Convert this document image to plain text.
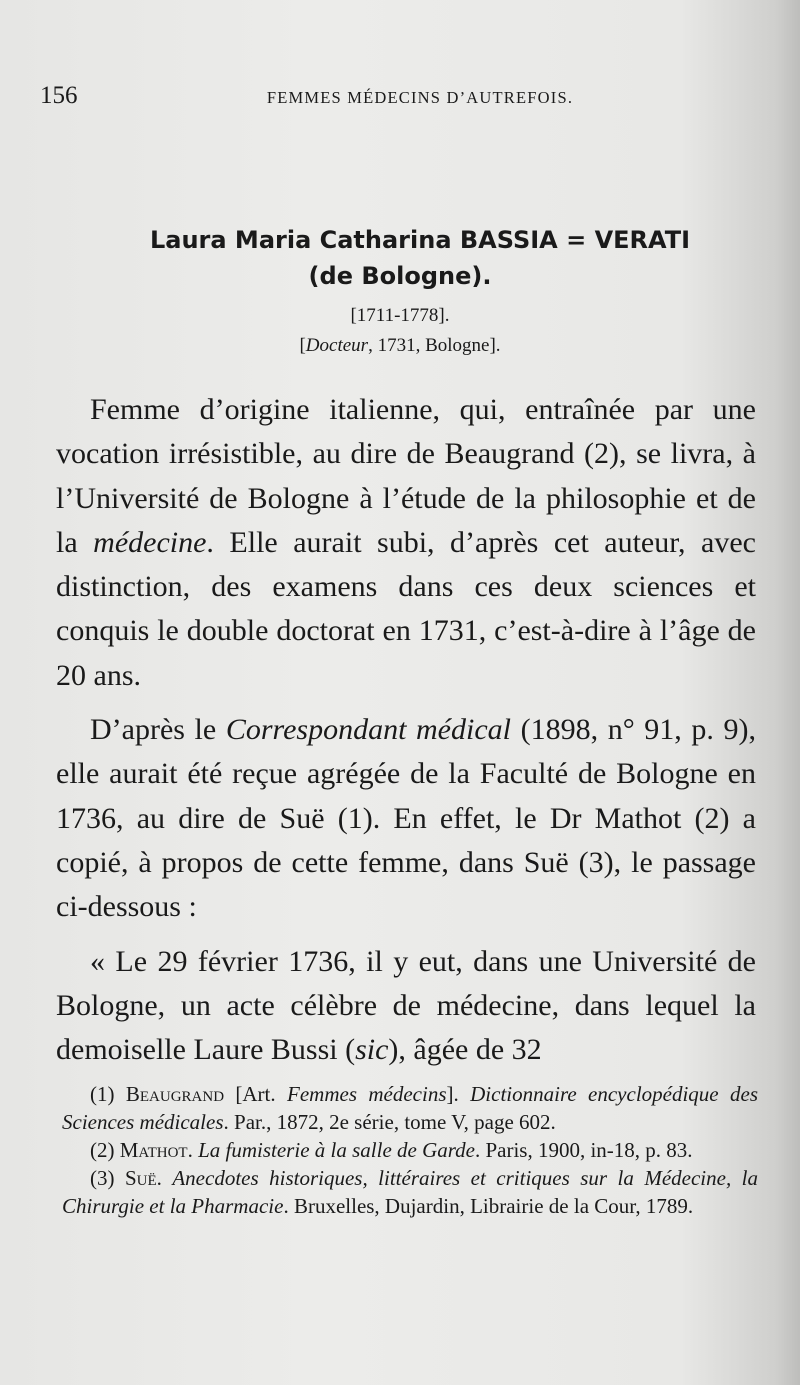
156	FEMMES MÉDECINS D’AUTREFOIS.

Laura Maria Catharina BASSIA = VERATI

(de Bologne).

[1711-1778].
[Docteur, 1731, Bologne].

Femme d’origine italienne, qui, entraînée par une vocation irrésistible, au dire de Beaugrand (2), se livra, à l’Université de Bologne à l’étude de la philosophie et de la médecine. Elle aurait subi, d’après cet auteur, avec distinction, des examens dans ces deux sciences et conquis le double doctorat en 1731, c’est-à-dire à l’âge de 20 ans.

D’après le Correspondant médical (1898, n° 91, p. 9), elle aurait été reçue agrégée de la Faculté de Bologne en 1736, au dire de Suë (1). En effet, le Dr Mathot (2) a copié, à propos de cette femme, dans Suë (3), le passage ci-dessous :

« Le 29 février 1736, il y eut, dans une Université de Bologne, un acte célèbre de médecine, dans lequel la demoiselle Laure Bussi (sic), âgée de 32

(1) Beaugrand [Art. Femmes médecins]. Dictionnaire encyclopédique des Sciences médicales. Par., 1872, 2e série, tome V, page 602.

(2) Mathot. La fumisterie à la salle de Garde. Paris, 1900, in-18, p. 83.

(3) Suë. Anecdotes historiques, littéraires et critiques sur la Médecine, la Chirurgie et la Pharmacie. Bruxelles, Dujardin, Librairie de la Cour, 1789.
